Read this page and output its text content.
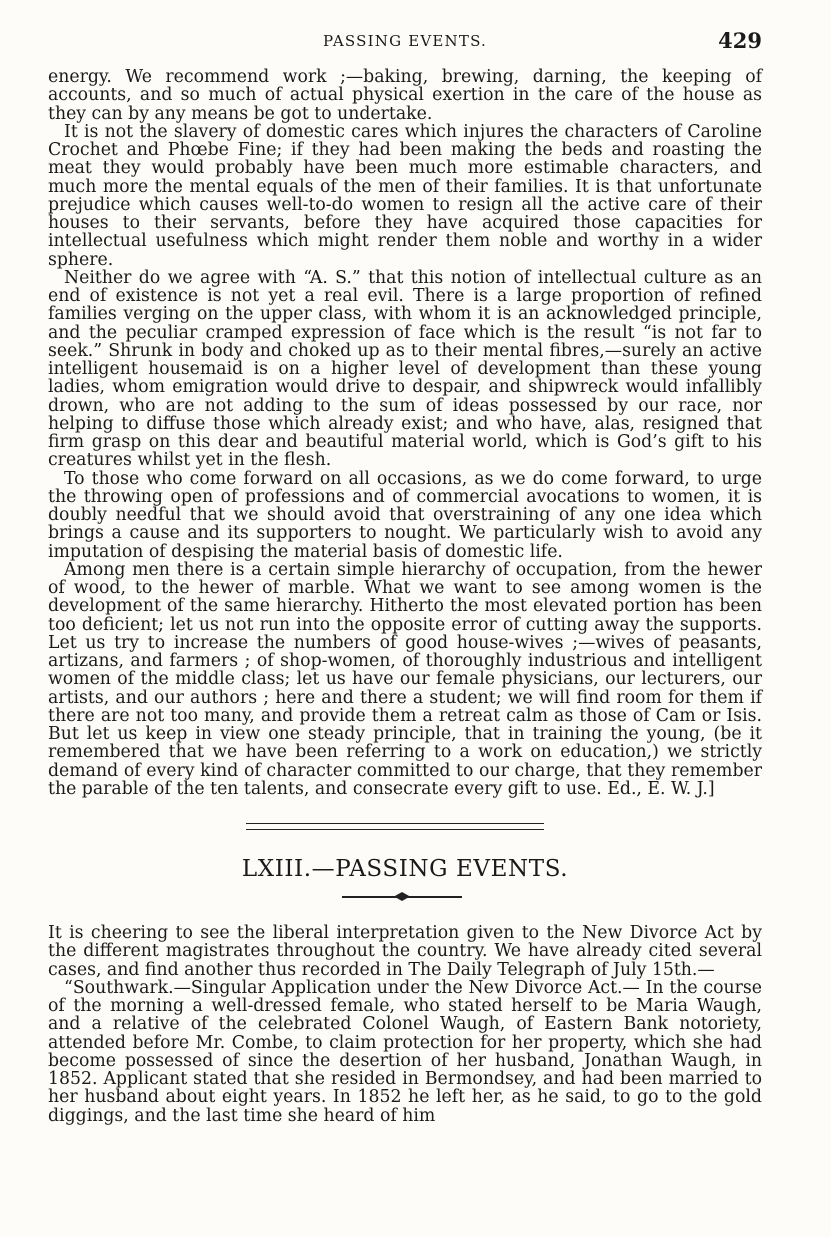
PASSING EVENTS.	429

energy. We recommend work ;—baking, brewing, darning, the keeping of accounts, and so much of actual physical exertion in the care of the house as they can by any means be got to undertake.

It is not the slavery of domestic cares which injures the characters of Caroline Crochet and Phœbe Fine; if they had been making the beds and roasting the meat they would probably have been much more estimable characters, and much more the mental equals of the men of their families. It is that unfortunate prejudice which causes well-to-do women to resign all the active care of their houses to their servants, before they have acquired those capacities for intellectual usefulness which might render them noble and worthy in a wider sphere.

Neither do we agree with “A. S.” that this notion of intellectual culture as an end of existence is not yet a real evil. There is a large proportion of refined families verging on the upper class, with whom it is an acknowledged principle, and the peculiar cramped expression of face which is the result “is not far to seek.” Shrunk in body and choked up as to their mental fibres,—surely an active intelligent housemaid is on a higher level of development than these young ladies, whom emigration would drive to despair, and shipwreck would infallibly drown, who are not adding to the sum of ideas possessed by our race, nor helping to diffuse those which already exist; and who have, alas, resigned that firm grasp on this dear and beautiful material world, which is God’s gift to his creatures whilst yet in the flesh.

To those who come forward on all occasions, as we do come forward, to urge the throwing open of professions and of commercial avocations to women, it is doubly needful that we should avoid that overstraining of any one idea which brings a cause and its supporters to nought. We particularly wish to avoid any imputation of despising the material basis of domestic life.

Among men there is a certain simple hierarchy of occupation, from the hewer of wood, to the hewer of marble. What we want to see among women is the development of the same hierarchy. Hitherto the most elevated portion has been too deficient; let us not run into the opposite error of cutting away the supports. Let us try to increase the numbers of good house-wives ;—wives of peasants, artizans, and farmers ; of shop-women, of thoroughly industrious and intelligent women of the middle class; let us have our female physicians, our lecturers, our artists, and our authors ; here and there a student; we will find room for them if there are not too many, and provide them a retreat calm as those of Cam or Isis. But let us keep in view one steady principle, that in training the young, (be it remembered that we have been referring to a work on education,) we strictly demand of every kind of character committed to our charge, that they remember the parable of the ten talents, and consecrate every gift to use. Ed., E. W. J.]

LXIII.—PASSING EVENTS.

It is cheering to see the liberal interpretation given to the New Divorce Act by the different magistrates throughout the country. We have already cited several cases, and find another thus recorded in The Daily Telegraph of July 15th.—

“Southwark.—Singular Application under the New Divorce Act.— In the course of the morning a well-dressed female, who stated herself to be Maria Waugh, and a relative of the celebrated Colonel Waugh, of Eastern Bank notoriety, attended before Mr. Combe, to claim protection for her property, which she had become possessed of since the desertion of her husband, Jonathan Waugh, in 1852. Applicant stated that she resided in Bermondsey, and had been married to her husband about eight years. In 1852 he left her, as he said, to go to the gold diggings, and the last time she heard of him
